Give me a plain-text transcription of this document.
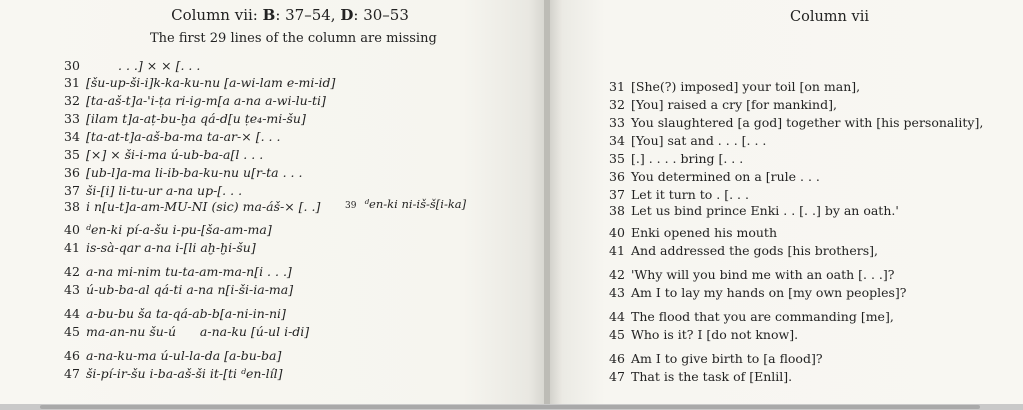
Column vii: B: 37–54, D: 30–53
The first 29 lines of the column are missing
Column vii
30	. . .] × × [. . .
31 [šu-up-ši-i]k-ka-ku-nu [a-wi-lam e-mi-id]
32 [ta-aš-t]a-'i-ṭa ri-ig-m[a a-na a-wi-lu-ti]
33 [ilam t]a-aṭ-bu-ḫa qá-d[u ṭe₄-mi-šu]
34 [ta-at-t]a-aš-ba-ma ta-ar-× [. . .
35 [×] × ši-i-ma ú-ub-ba-a[l . . .
36 [ub-l]a-ma li-ib-ba-ku-nu u[r-ta . . .
37 ši-[i] li-tu-ur a-na up-[. . .
38 i n[u-t]a-am-MU-NI (sic) ma-áš-× [. .]	39 ᵈen-ki ni-iš-š[i-ka]
40 ᵈen-ki pí-a-šu i-pu-[ša-am-ma]
41 is-sà-qar a-na i-[li aḫ-ḫi-šu]
42 a-na mi-nim tu-ta-am-ma-n[i . . .]
43 ú-ub-ba-al qá-ti a-na n[i-ši-ia-ma]
44 a-bu-bu ša ta-qá-ab-b[a-ni-in-ni]
45 ma-an-nu šu-ú      a-na-ku [ú-ul i-di]
46 a-na-ku-ma ú-ul-la-da [a-bu-ba]
47 ši-pí-ir-šu i-ba-aš-ši it-[ti ᵈen-líl]
31 [She(?) imposed] your toil [on man],
32 [You] raised a cry [for mankind],
33 You slaughtered [a god] together with [his personality],
34 [You] sat and . . . [. . .
35 [.] . . . . bring [. . .
36 You determined on a [rule . . .
37 Let it turn to . [. . .
38 Let us bind prince Enki . . [. .] by an oath.'
40 Enki opened his mouth
41 And addressed the gods [his brothers],
42 'Why will you bind me with an oath [. . .]?
43 Am I to lay my hands on [my own peoples]?
44 The flood that you are commanding [me],
45 Who is it? I [do not know].
46 Am I to give birth to [a flood]?
47 That is the task of [Enlil].
